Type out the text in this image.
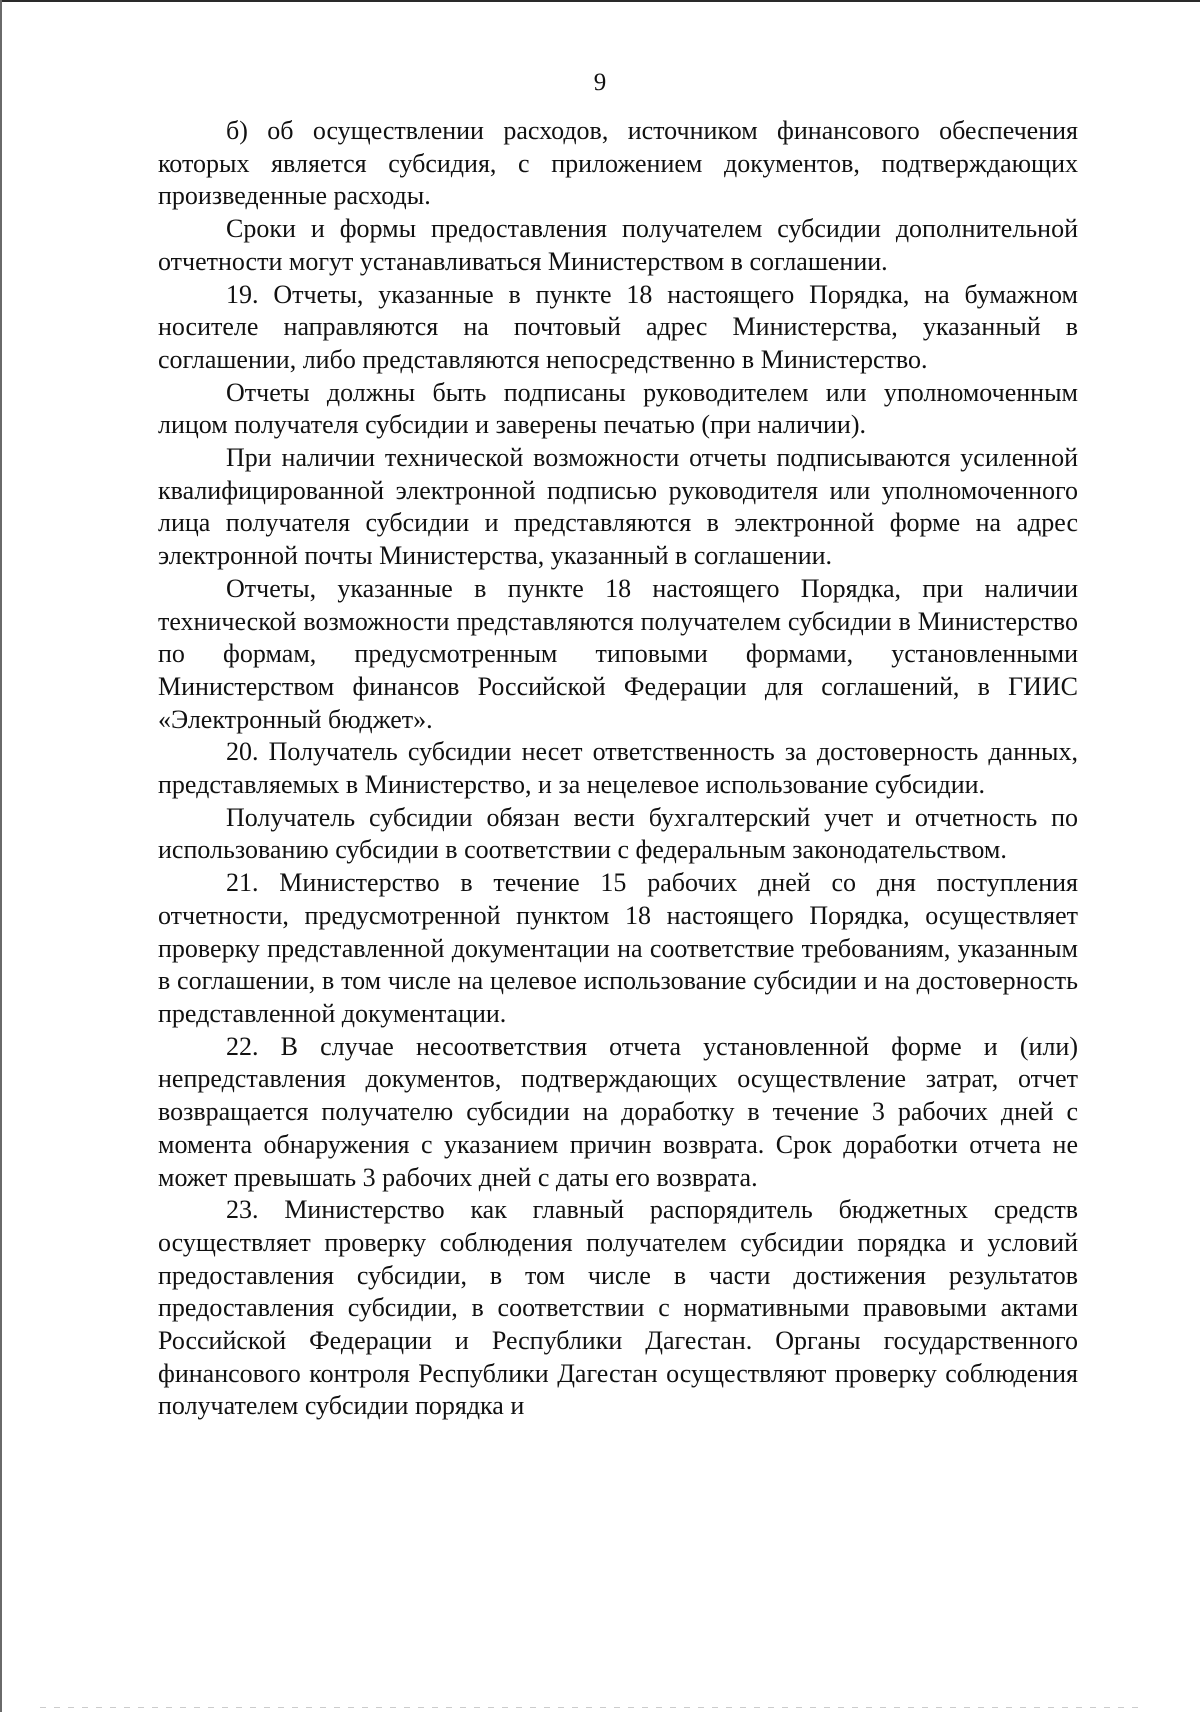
9

б) об осуществлении расходов, источником финансового обеспечения которых является субсидия, с приложением документов, подтверждающих произведенные расходы.

Сроки и формы предоставления получателем субсидии дополнительной отчетности могут устанавливаться Министерством в соглашении.

19. Отчеты, указанные в пункте 18 настоящего Порядка, на бумажном носителе направляются на почтовый адрес Министерства, указанный в соглашении, либо представляются непосредственно в Министерство.

Отчеты должны быть подписаны руководителем или уполномоченным лицом получателя субсидии и заверены печатью (при наличии).

При наличии технической возможности отчеты подписываются усиленной квалифицированной электронной подписью руководителя или уполномоченного лица получателя субсидии и представляются в электронной форме на адрес электронной почты Министерства, указанный в соглашении.

Отчеты, указанные в пункте 18 настоящего Порядка, при наличии технической возможности представляются получателем субсидии в Министерство по формам, предусмотренным типовыми формами, установленными Министерством финансов Российской Федерации для соглашений, в ГИИС «Электронный бюджет».

20. Получатель субсидии несет ответственность за достоверность данных, представляемых в Министерство, и за нецелевое использование субсидии.

Получатель субсидии обязан вести бухгалтерский учет и отчетность по использованию субсидии в соответствии с федеральным законодательством.

21. Министерство в течение 15 рабочих дней со дня поступления отчетности, предусмотренной пунктом 18 настоящего Порядка, осуществляет проверку представленной документации на соответствие требованиям, указанным в соглашении, в том числе на целевое использование субсидии и на достоверность представленной документации.

22. В случае несоответствия отчета установленной форме и (или) непредставления документов, подтверждающих осуществление затрат, отчет возвращается получателю субсидии на доработку в течение 3 рабочих дней с момента обнаружения с указанием причин возврата. Срок доработки отчета не может превышать 3 рабочих дней с даты его возврата.

23. Министерство как главный распорядитель бюджетных средств осуществляет проверку соблюдения получателем субсидии порядка и условий предоставления субсидии, в том числе в части достижения результатов предоставления субсидии, в соответствии с нормативными правовыми актами Российской Федерации и Республики Дагестан. Органы государственного финансового контроля Республики Дагестан осуществляют проверку соблюдения получателем субсидии порядка и
